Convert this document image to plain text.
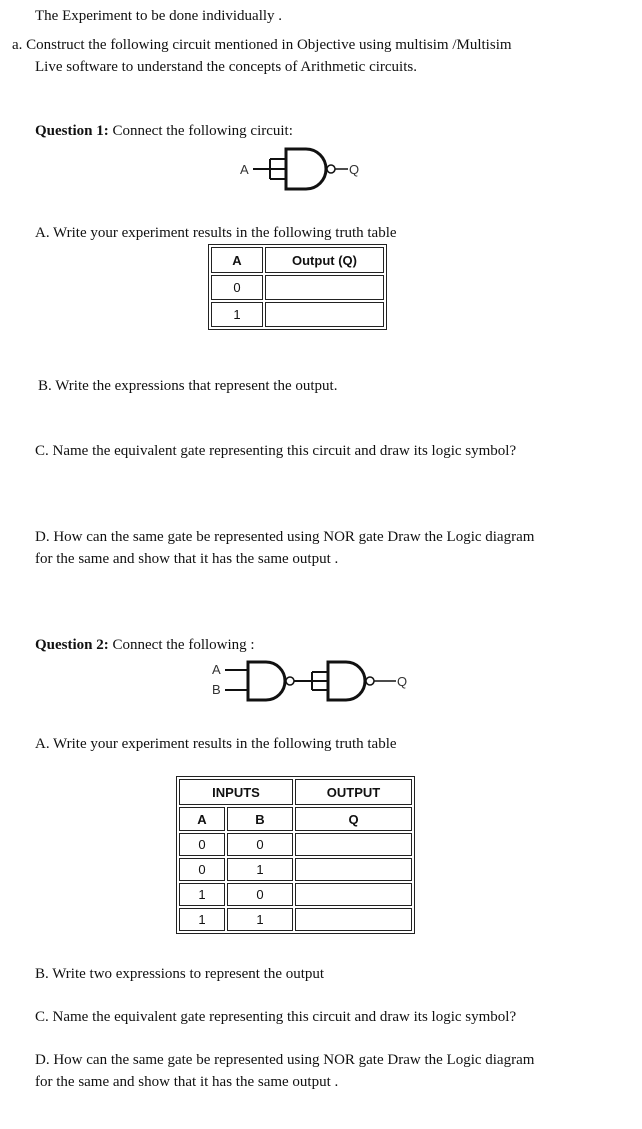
The Experiment to be done individually .
a. Construct the following circuit mentioned in Objective using multisim /Multisim
Live software to understand the concepts of Arithmetic circuits.
Question 1: Connect the following circuit:
A	Q
A. Write your experiment results in the following truth table
A	Output (Q)
0	
1	
B. Write the expressions that represent the output.
C. Name the equivalent gate representing this circuit and draw its logic symbol?
D. How can the same gate be represented using NOR gate Draw the Logic diagram
for the same and show that it has the same output .
Question 2: Connect the following :
A
B
Q
A. Write your experiment results in the following truth table
INPUTS		OUTPUT
A	B	Q
0	0	
0	1	
1	0	
1	1	
B. Write two expressions to represent the output
C. Name the equivalent gate representing this circuit and draw its logic symbol?
D. How can the same gate be represented using NOR gate Draw the Logic diagram
for the same and show that it has the same output .
